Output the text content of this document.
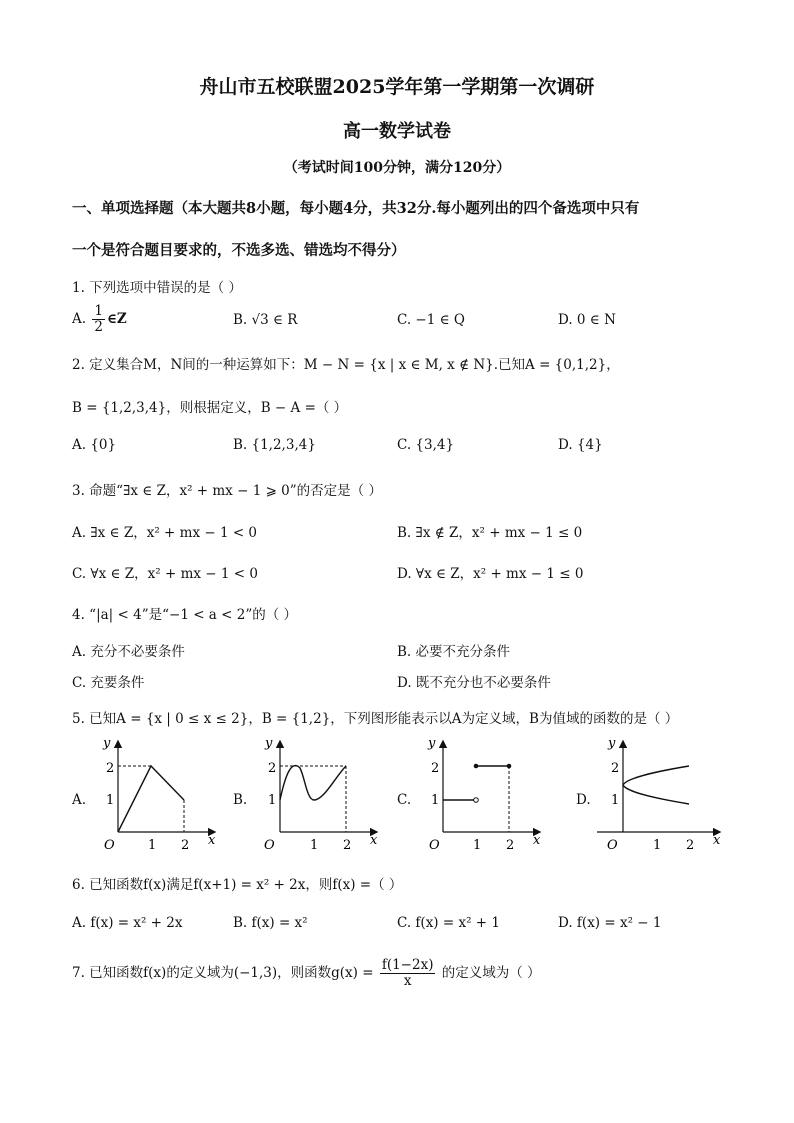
舟山市五校联盟2025学年第一学期第一次调研
高一数学试卷
（考试时间100分钟，满分120分）
一、单项选择题（本大题共8小题，每小题4分，共32分.每小题列出的四个备选项中只有
一个是符合题目要求的，不选多选、错选均不得分）
1. 下列选项中错误的是（ ）
A. $\frac{1}{2}$ ∈Z	B. √3 ∈ R	C. −1 ∈ Q	D. 0 ∈ N
2. 定义集合M，N间的一种运算如下：M − N = {x | x ∈ M, x ∉ N}.已知A = {0,1,2}，
B = {1,2,3,4}，则根据定义，B − A =（ ）
A. {0}	B. {1,2,3,4}	C. {3,4}	D. {4}
3. 命题“∃x ∈ Z，x² + mx − 1 ⩾ 0”的否定是（ ）
A. ∃x ∈ Z，x² + mx − 1 < 0	B. ∃x ∉ Z，x² + mx − 1 ≤ 0
C. ∀x ∈ Z，x² + mx − 1 < 0	D. ∀x ∈ Z，x² + mx − 1 ≤ 0
4. “|a| < 4”是“−1 < a < 2”的（ ）
A. 充分不必要条件	B. 必要不充分条件
C. 充要条件	D. 既不充分也不必要条件
5. 已知A = {x | 0 ≤ x ≤ 2}，B = {1,2}，下列图形能表示以A为定义域，B为值域的函数的是（ ）
A.
y
x
O	1 2
1
2
B.
y
x
O	1 2
1
2
C.
y
x
O	1 2
1
2
D.
y
x
O	1 2
1
2
6. 已知函数f(x)满足f(x+1) = x² + 2x，则f(x) =（ ）
A. f(x) = x² + 2x	B. f(x) = x²	C. f(x) = x² + 1	D. f(x) = x² − 1
7. 已知函数f(x)的定义域为(−1,3)，则函数$g(x) = \frac{f(1-2x)}{x}$ 的定义域为（ ）
